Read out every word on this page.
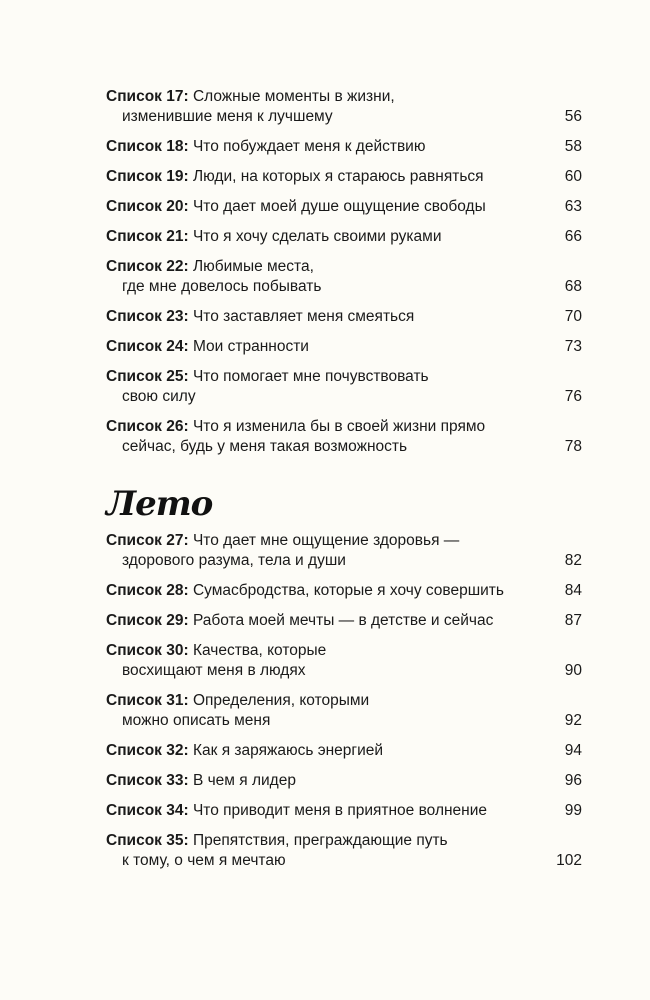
Список 17: Сложные моменты в жизни,
изменившие меня к лучшему	56
Список 18: Что побуждает меня к действию	58
Список 19: Люди, на которых я стараюсь равняться	60
Список 20: Что дает моей душе ощущение свободы	63
Список 21: Что я хочу сделать своими руками	66
Список 22: Любимые места,
где мне довелось побывать	68
Список 23: Что заставляет меня смеяться	70
Список 24: Мои странности	73
Список 25: Что помогает мне почувствовать
свою силу	76
Список 26: Что я изменила бы в своей жизни прямо
сейчас, будь у меня такая возможность	78
Лето
Список 27: Что дает мне ощущение здоровья —
здорового разума, тела и души	82
Список 28: Сумасбродства, которые я хочу совершить	84
Список 29: Работа моей мечты — в детстве и сейчас	87
Список 30: Качества, которые
восхищают меня в людях	90
Список 31: Определения, которыми
можно описать меня	92
Список 32: Как я заряжаюсь энергией	94
Список 33: В чем я лидер	96
Список 34: Что приводит меня в приятное волнение	99
Список 35: Препятствия, преграждающие путь
к тому, о чем я мечтаю	102
